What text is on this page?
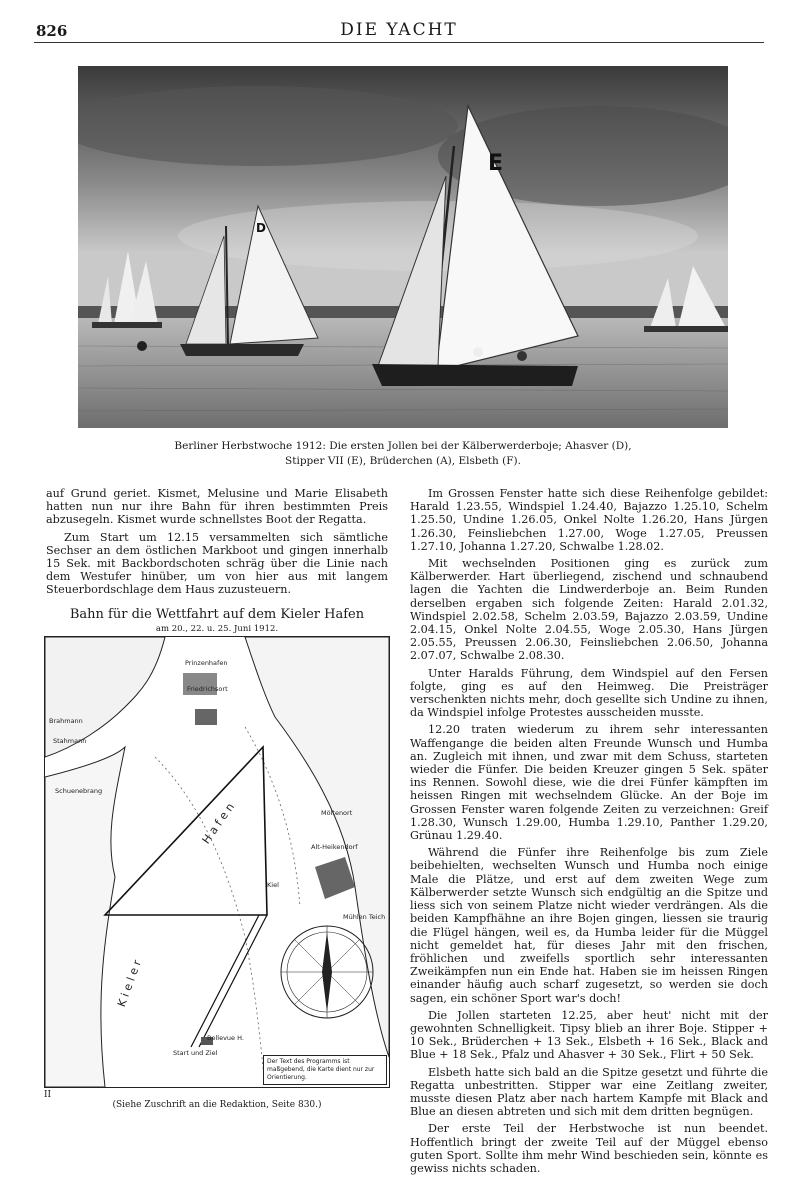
826	DIE YACHT
D
E
Berliner Herbstwoche 1912: Die ersten Jollen bei der Kälberwerderboje; Ahasver (D),
Stipper VII (E), Brüderchen (A), Elsbeth (F).

auf Grund geriet. Kismet, Melusine und Marie Elisabeth hatten nun nur ihre Bahn für ihren bestimmten Preis abzusegeln. Kismet wurde schnellstes Boot der Regatta.

Zum Start um 12.15 versammelten sich sämtliche Sechser an dem östlichen Markboot und gingen innerhalb 15 Sek. mit Backbordschoten schräg über die Linie nach dem Westufer hinüber, um von hier aus mit langem Steuerbordschlage dem Haus zuzusteuern.

Bahn für die Wettfahrt auf dem Kieler Hafen
am 20., 22. u. 25. Juni 1912.
Prinzenhafen
Friedrichsort
Brahmann
Stahmann
Schuenebrang
Möltenort
Alt-Heikendorf
Mühlen Teich
Start und Ziel
Bellevue H.
Kiel
H a f e n
K i e l e r
Der Text des Programms ist maßgebend, die Karte dient nur zur Orientierung.
II
(Siehe Zuschrift an die Redaktion, Seite 830.)

Im Grossen Fenster hatte sich diese Reihenfolge gebildet: Harald 1.23.55, Windspiel 1.24.40, Bajazzo 1.25.10, Schelm 1.25.50, Undine 1.26.05, Onkel Nolte 1.26.20, Hans Jürgen 1.26.30, Feinsliebchen 1.27.00, Woge 1.27.05, Preussen 1.27.10, Johanna 1.27.20, Schwalbe 1.28.02.

Mit wechselnden Positionen ging es zurück zum Kälberwerder. Hart überliegend, zischend und schnaubend lagen die Yachten die Lindwerderboje an. Beim Runden derselben ergaben sich folgende Zeiten: Harald 2.01.32, Windspiel 2.02.58, Schelm 2.03.59, Bajazzo 2.03.59, Undine 2.04.15, Onkel Nolte 2.04.55, Woge 2.05.30, Hans Jürgen 2.05.55, Preussen 2.06.30, Feinsliebchen 2.06.50, Johanna 2.07.07, Schwalbe 2.08.30.

Unter Haralds Führung, dem Windspiel auf den Fersen folgte, ging es auf den Heimweg. Die Preisträger verschenkten nichts mehr, doch gesellte sich Undine zu ihnen, da Windspiel infolge Protestes ausscheiden musste.

12.20 traten wiederum zu ihrem sehr interessanten Waffengange die beiden alten Freunde Wunsch und Humba an. Zugleich mit ihnen, und zwar mit dem Schuss, starteten wieder die Fünfer. Die beiden Kreuzer gingen 5 Sek. später ins Rennen. Sowohl diese, wie die drei Fünfer kämpften im heissen Ringen mit wechselndem Glücke. An der Boje im Grossen Fenster waren folgende Zeiten zu verzeichnen: Greif 1.28.30, Wunsch 1.29.00, Humba 1.29.10, Panther 1.29.20, Grünau 1.29.40.

Während die Fünfer ihre Reihenfolge bis zum Ziele beibehielten, wechselten Wunsch und Humba noch einige Male die Plätze, und erst auf dem zweiten Wege zum Kälberwerder setzte Wunsch sich endgültig an die Spitze und liess sich von seinem Platze nicht wieder verdrängen. Als die beiden Kampfhähne an ihre Bojen gingen, liessen sie traurig die Flügel hängen, weil es, da Humba leider für die Müggel nicht gemeldet hat, für dieses Jahr mit den frischen, fröhlichen und zweifells sportlich sehr interessanten Zweikämpfen nun ein Ende hat. Haben sie im heissen Ringen einander häufig auch scharf zugesetzt, so werden sie doch sagen, ein schöner Sport war's doch!

Die Jollen starteten 12.25, aber heut' nicht mit der gewohnten Schnelligkeit. Tipsy blieb an ihrer Boje. Stipper + 10 Sek., Brüderchen + 13 Sek., Elsbeth + 16 Sek., Black and Blue + 18 Sek., Pfalz und Ahasver + 30 Sek., Flirt + 50 Sek.

Elsbeth hatte sich bald an die Spitze gesetzt und führte die Regatta unbestritten. Stipper war eine Zeitlang zweiter, musste diesen Platz aber nach hartem Kampfe mit Black and Blue an diesen abtreten und sich mit dem dritten begnügen.

Der erste Teil der Herbstwoche ist nun beendet. Hoffentlich bringt der zweite Teil auf der Müggel ebenso guten Sport. Sollte ihm mehr Wind beschieden sein, könnte es gewiss nichts schaden.
